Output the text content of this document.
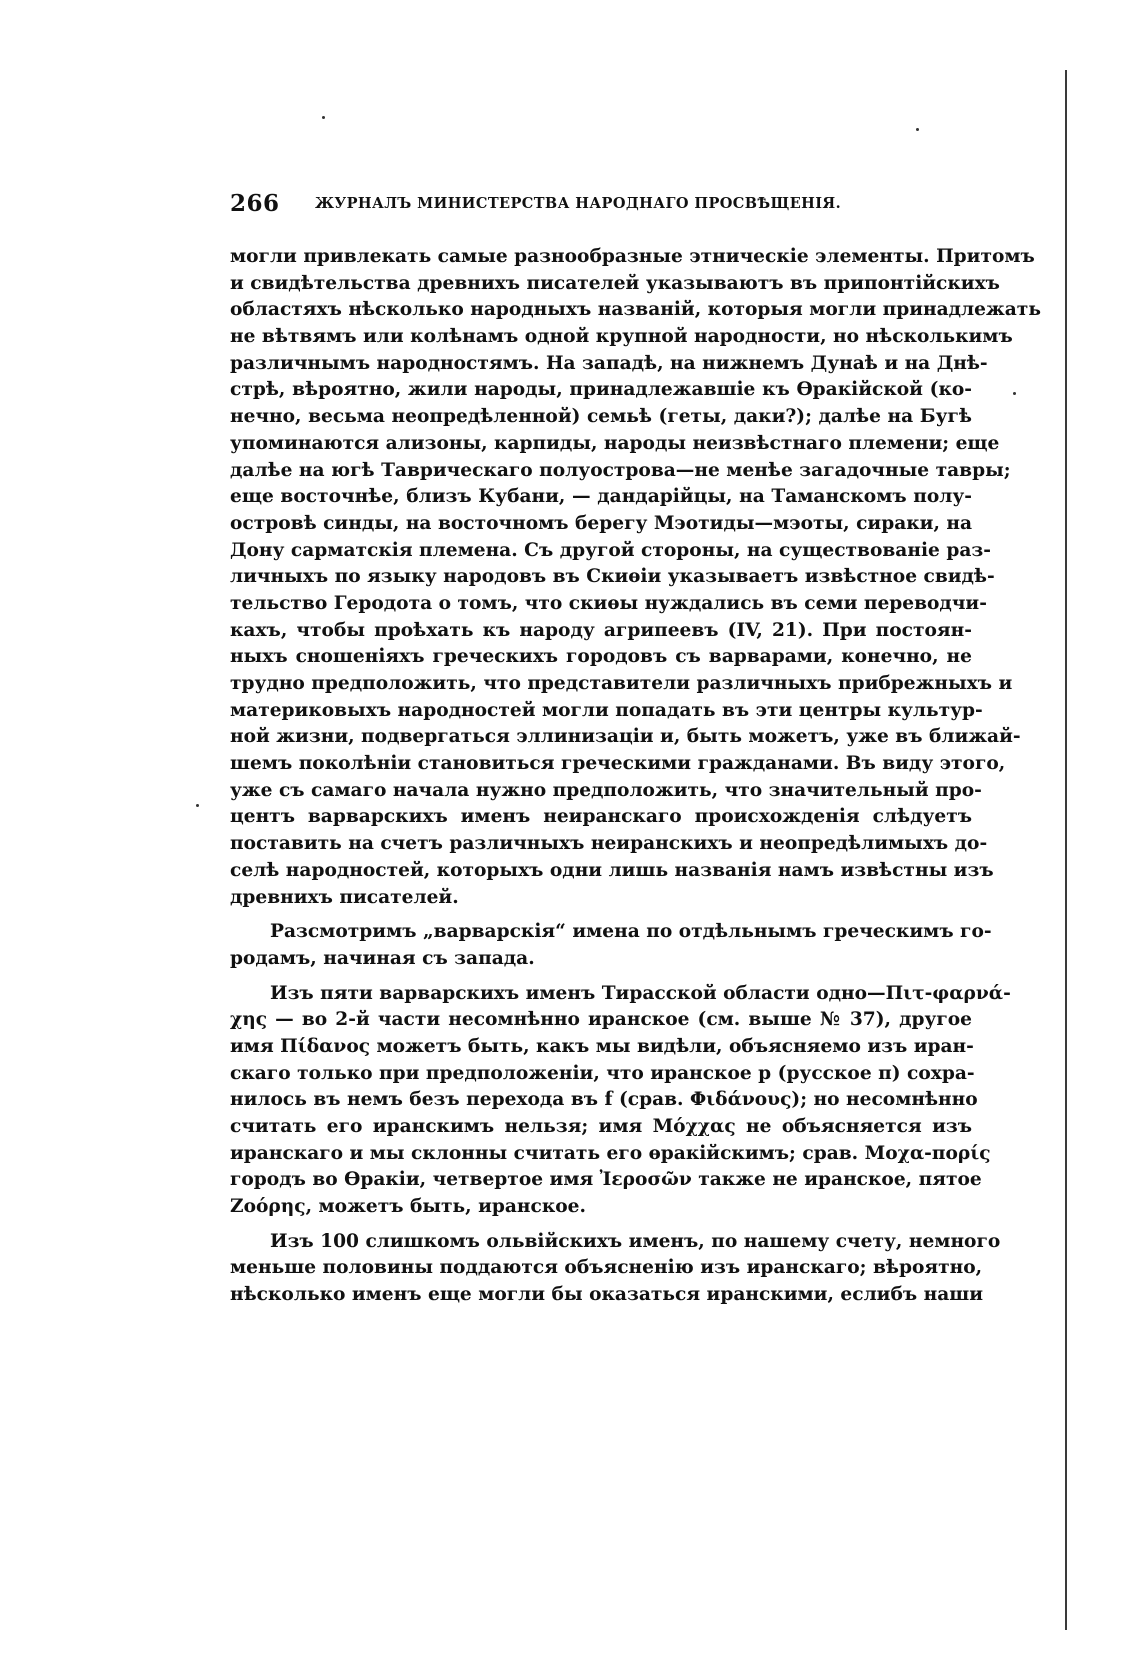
266 ЖУРНАЛЪ МИНИСТЕРСТВА НАРОДНАГО ПРОСВѢЩЕНІЯ.
могли привлекать самые разнообразные этническіе элементы. Притомъ
и свидѣтельства древнихъ писателей указываютъ въ припонтійскихъ
областяхъ нѣсколько народныхъ названій, которыя могли принадлежать
не вѣтвямъ или колѣнамъ одной крупной народности, но нѣсколькимъ
различнымъ народностямъ. На западѣ, на нижнемъ Дунаѣ и на Днѣ-
стрѣ, вѣроятно, жили народы, принадлежавшіе къ Ѳракійской (ко-
нечно, весьма неопредѣленной) семьѣ (геты, даки?); далѣе на Бугѣ
упоминаются ализоны, карпиды, народы неизвѣстнаго племени; еще
далѣе на югѣ Таврическаго полуострова—не менѣе загадочные тавры;
еще восточнѣе, близъ Кубани, — дандарійцы, на Таманскомъ полу-
островѣ синды, на восточномъ берегу Мэотиды—мэоты, сираки, на
Дону сарматскія племена. Съ другой стороны, на существованіе раз-
личныхъ по языку народовъ въ Скиѳіи указываетъ извѣстное свидѣ-
тельство Геродота о томъ, что скиѳы нуждались въ семи переводчи-
кахъ, чтобы проѣхать къ народу агрипеевъ (IV, 21). При постоян-
ныхъ сношеніяхъ греческихъ городовъ съ варварами, конечно, не
трудно предположить, что представители различныхъ прибрежныхъ и
материковыхъ народностей могли попадать въ эти центры культур-
ной жизни, подвергаться эллинизаціи и, быть можетъ, уже въ ближай-
шемъ поколѣніи становиться греческими гражданами. Въ виду этого,
уже съ самаго начала нужно предположить, что значительный про-
центъ варварскихъ именъ неиранскаго происхожденія слѣдуетъ
поставить на счетъ различныхъ неиранскихъ и неопредѣлимыхъ до-
селѣ народностей, которыхъ одни лишь названія намъ извѣстны изъ
древнихъ писателей.
Разсмотримъ „варварскія“ имена по отдѣльнымъ греческимъ го-
родамъ, начиная съ запада.
Изъ пяти варварскихъ именъ Тирасской области одно—Πιτ-φαρνά-
χης — во 2-й части несомнѣнно иранское (см. выше № 37), другое
имя Πίδανος можетъ быть, какъ мы видѣли, объясняемо изъ иран-
скаго только при предположеніи, что иранское р (русское п) сохра-
нилось въ немъ безъ перехода въ f (срав. Φιδάνους); но несомнѣнно
считать его иранскимъ нельзя; имя Μόχχας не объясняется изъ
иранскаго и мы склонны считать его ѳракійскимъ; срав. Μοχα-πορίς
городъ во Ѳракіи, четвертое имя Ἰεροσῶν также не иранское, пятое
Ζοόρης, можетъ быть, иранское.
Изъ 100 слишкомъ ольвійскихъ именъ, по нашему счету, немного
меньше половины поддаются объясненію изъ иранскаго; вѣроятно,
нѣсколько именъ еще могли бы оказаться иранскими, еслибъ наши
